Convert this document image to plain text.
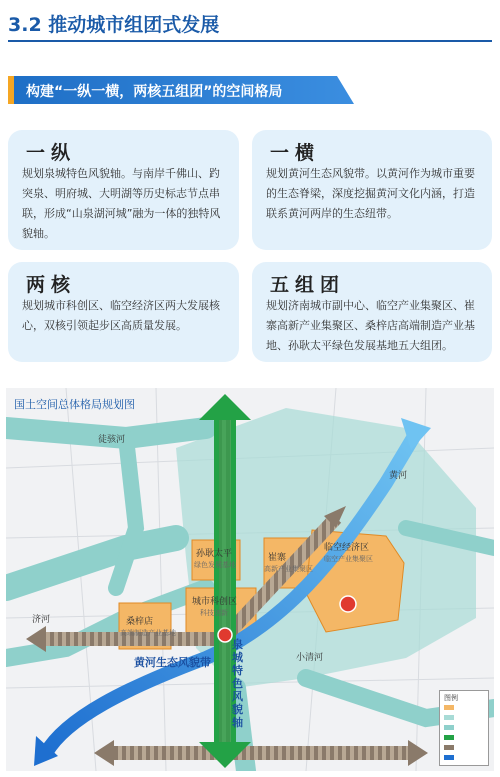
3.2 推动城市组团式发展
构建“一纵一横，两核五组团”的空间格局
一纵
规划泉城特色风貌轴。与南岸千佛山、趵突泉、明府城、大明湖等历史标志节点串联，形成“山泉湖河城”融为一体的独特风貌轴。
一横
规划黄河生态风貌带。以黄河作为城市重要的生态脊梁，深度挖掘黄河文化内涵，打造联系黄河两岸的生态纽带。
两核
规划城市科创区、临空经济区两大发展核心，双核引领起步区高质量发展。
五组团
规划济南城市副中心、临空产业集聚区、崔寨高新产业集聚区、桑梓店高端制造产业基地、孙耿太平绿色发展基地五大组团。
国土空间总体格局规划图
徒骇河
黄河
小清河
济河
临空经济区
临空产业集聚区
城市科创区
科技创新
崔寨
高新产业集聚区
桑梓店
高端制造产业基地
孙耿太平
绿色发展基地
黄河生态风貌带
泉城特色风貌轴
图例
